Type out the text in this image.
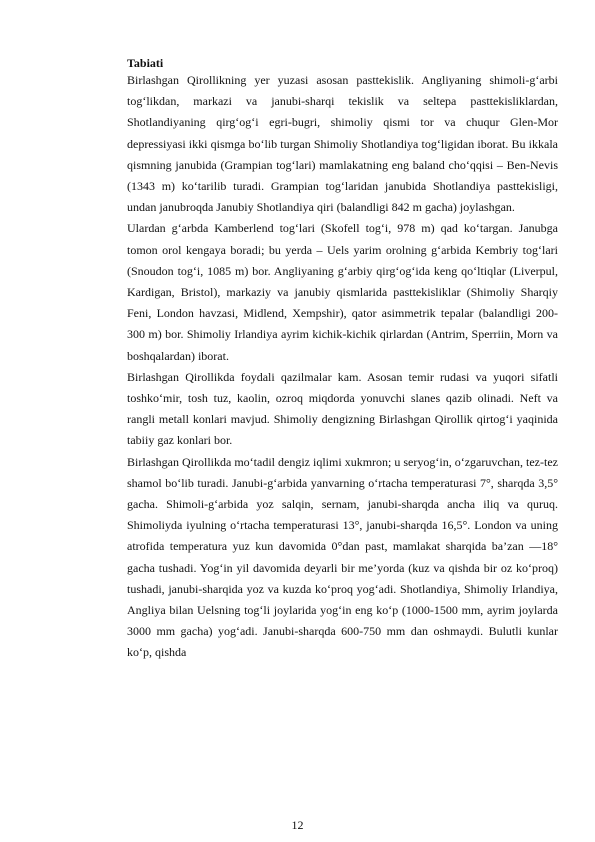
Tabiati

Birlashgan Qirollikning yer yuzasi asosan pasttekislik. Angliyaning shimoli-g‘arbi tog‘likdan, markazi va janubi-sharqi tekislik va seltepa pasttekisliklardan, Shotlandiyaning qirg‘og‘i egri-bugri, shimoliy qismi tor va chuqur Glen-Mor depressiyasi ikki qismga bo‘lib turgan Shimoliy Shotlandiya tog‘ligidan iborat. Bu ikkala qismning janubida (Grampian tog‘lari) mamlakatning eng baland cho‘qqisi – Ben-Nevis (1343 m) ko‘tarilib turadi. Grampian tog‘laridan janubida Shotlandiya pasttekisligi, undan janubroqda Janubiy Shotlandiya qiri (balandligi 842 m gacha) joylashgan.

Ulardan g‘arbda Kamberlend tog‘lari (Skofell tog‘i, 978 m) qad ko‘targan. Janubga tomon orol kengaya boradi; bu yerda – Uels yarim orolning g‘arbida Kembriy tog‘lari (Snoudon tog‘i, 1085 m) bor. Angliyaning g‘arbiy qirg‘og‘ida keng qo‘ltiqlar (Liverpul, Kardigan, Bristol), markaziy va janubiy qismlarida pasttekisliklar (Shimoliy Sharqiy Feni, London havzasi, Midlend, Xempshir), qator asimmetrik tepalar (balandligi 200- 300 m) bor. Shimoliy Irlandiya ayrim kichik-kichik qirlardan (Antrim, Sperriin, Morn va boshqalardan) iborat.

Birlashgan Qirollikda foydali qazilmalar kam. Asosan temir rudasi va yuqori sifatli toshko‘mir, tosh tuz, kaolin, ozroq miqdorda yonuvchi slanes qazib olinadi. Neft va rangli metall konlari mavjud. Shimoliy dengizning Birlashgan Qirollik qirtog‘i yaqinida tabiiy gaz konlari bor.

Birlashgan Qirollikda mo‘tadil dengiz iqlimi xukmron; u seryog‘in, o‘zgaruvchan, tez-tez shamol bo‘lib turadi. Janubi-g‘arbida yanvarning o‘rtacha temperaturasi 7°, sharqda 3,5° gacha. Shimoli-g‘arbida yoz salqin, sernam, janubi-sharqda ancha iliq va quruq. Shimoliyda iyulning o‘rtacha temperaturasi 13°, janubi-sharqda 16,5°. London va uning atrofida temperatura yuz kun davomida 0°dan past, mamlakat sharqida ba’zan —18° gacha tushadi. Yog‘in yil davomida deyarli bir me’yorda (kuz va qishda bir oz ko‘proq) tushadi, janubi-sharqida yoz va kuzda ko‘proq yog‘adi. Shotlandiya, Shimoliy Irlandiya, Angliya bilan Uelsning tog‘li joylarida yog‘in eng ko‘p (1000-1500 mm, ayrim joylarda 3000 mm gacha) yog‘adi. Janubi-sharqda 600-750 mm dan oshmaydi. Bulutli kunlar ko‘p, qishda

12
